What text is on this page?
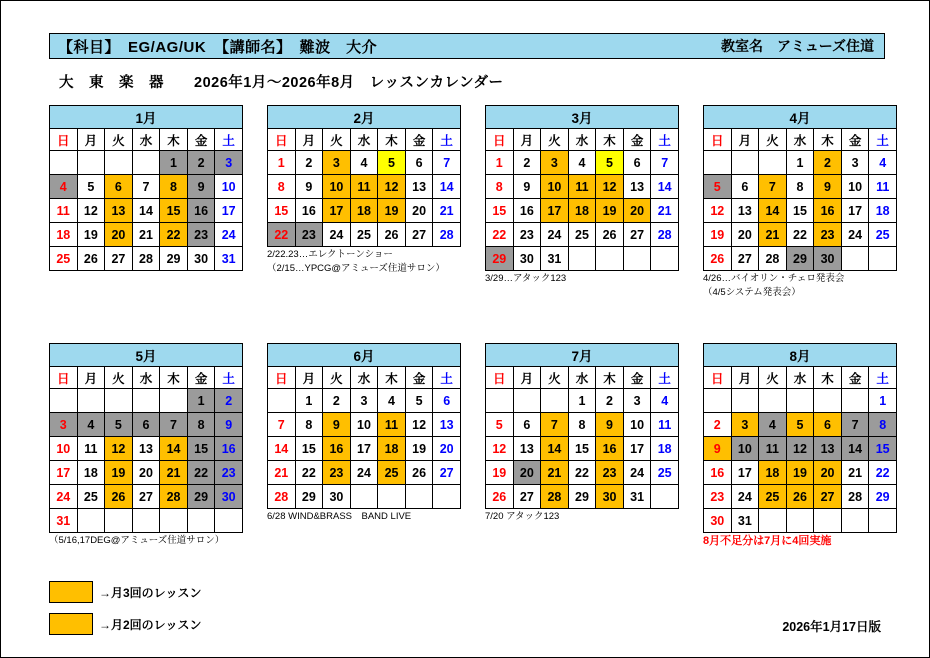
【科目】　EG/AG/UK　【講師名】　難波　大介	教室名　アミューズ住道
大　東　楽　器　　2026年1月～2026年8月　レッスンカレンダー
1月						
日	月	火	水	木	金	土
				1	2	3
4	5	6	7	8	9	10
11	12	13	14	15	16	17
18	19	20	21	22	23	24
25	26	27	28	29	30	31
2月						
日	月	火	水	木	金	土
1	2	3	4	5	6	7
8	9	10	11	12	13	14
15	16	17	18	19	20	21
22	23	24	25	26	27	28
2/22.23…エレクトーンショー
（2/15…YPCG@アミューズ住道サロン）
3月						
日	月	火	水	木	金	土
1	2	3	4	5	6	7
8	9	10	11	12	13	14
15	16	17	18	19	20	21
22	23	24	25	26	27	28
29	30	31				
3/29…アタック123
4月						
日	月	火	水	木	金	土
			1	2	3	4
5	6	7	8	9	10	11
12	13	14	15	16	17	18
19	20	21	22	23	24	25
26	27	28	29	30		
4/26…バイオリン・チェロ発表会
（4/5システム発表会）
5月						
日	月	火	水	木	金	土
					1	2
3	4	5	6	7	8	9
10	11	12	13	14	15	16
17	18	19	20	21	22	23
24	25	26	27	28	29	30
31						
（5/16,17DEG@アミューズ住道サロン）
6月						
日	月	火	水	木	金	土
	1	2	3	4	5	6
7	8	9	10	11	12	13
14	15	16	17	18	19	20
21	22	23	24	25	26	27
28	29	30				
6/28 WIND&BRASS　BAND LIVE
7月						
日	月	火	水	木	金	土
			1	2	3	4
5	6	7	8	9	10	11
12	13	14	15	16	17	18
19	20	21	22	23	24	25
26	27	28	29	30	31	
7/20 アタック123
8月						
日	月	火	水	木	金	土
						1
2	3	4	5	6	7	8
9	10	11	12	13	14	15
16	17	18	19	20	21	22
23	24	25	26	27	28	29
30	31					
8月不足分は7月に4回実施
→月3回のレッスン
→月2回のレッスン	2026年1月17日版
